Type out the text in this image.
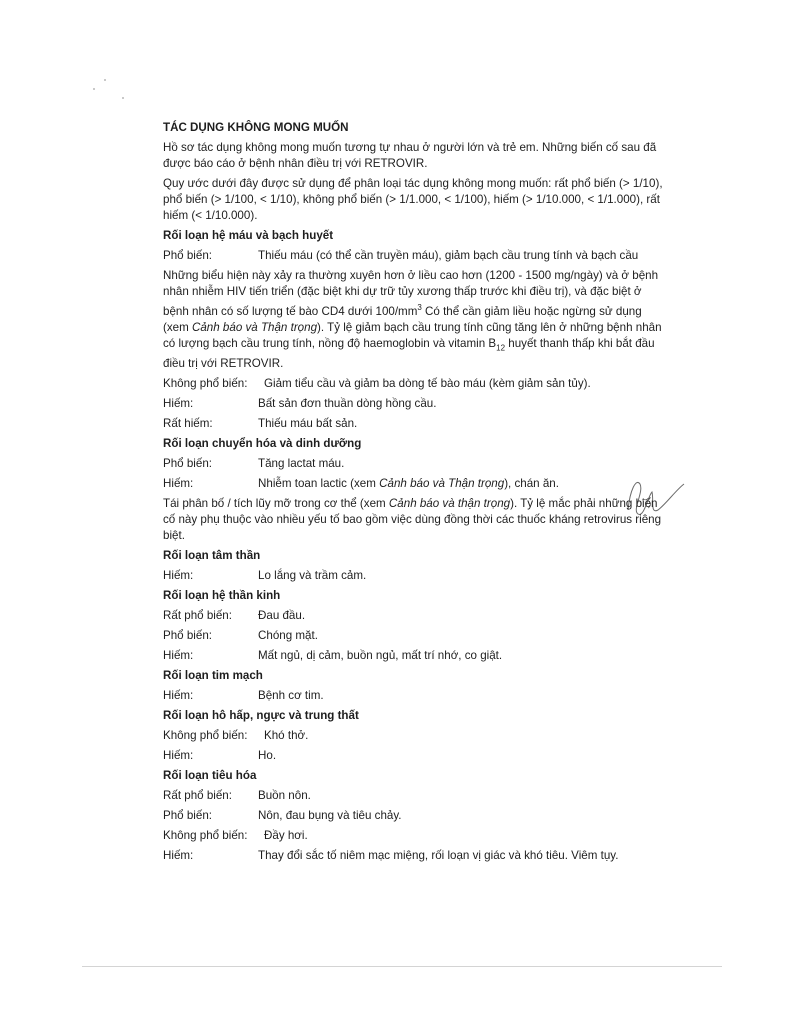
TÁC DỤNG KHÔNG MONG MUỐN
Hồ sơ tác dụng không mong muốn tương tự nhau ở người lớn và trẻ em. Những biến cố sau đã được báo cáo ở bệnh nhân điều trị với RETROVIR.
Quy ước dưới đây được sử dụng để phân loại tác dụng không mong muốn: rất phổ biến (> 1/10), phổ biến (> 1/100, < 1/10), không phổ biến (> 1/1.000, < 1/100), hiếm (> 1/10.000, < 1/1.000), rất hiếm (< 1/10.000).
Rối loạn hệ máu và bạch huyết
Phổ biến:	Thiếu máu (có thể cần truyền máu), giảm bạch cầu trung tính và bạch cầu
Những biểu hiện này xảy ra thường xuyên hơn ở liều cao hơn (1200 - 1500 mg/ngày) và ở bệnh nhân nhiễm HIV tiến triển (đặc biệt khi dự trữ tủy xương thấp trước khi điều trị), và đặc biệt ở bệnh nhân có số lượng tế bào CD4 dưới $100/mm^3$ Có thể cần giảm liều hoặc ngừng sử dụng (xem Cảnh báo và Thận trọng). Tỷ lệ giảm bạch cầu trung tính cũng tăng lên ở những bệnh nhân có lượng bạch cầu trung tính, nồng độ haemoglobin và vitamin $B_{12}$ huyết thanh thấp khi bắt đầu điều trị với RETROVIR.
Không phổ biến:	Giảm tiểu cầu và giảm ba dòng tế bào máu (kèm giảm sản tủy).
Hiếm:	Bất sản đơn thuần dòng hồng cầu.
Rất hiếm:	Thiếu máu bất sản.
Rối loạn chuyển hóa và dinh dưỡng
Phổ biến:	Tăng lactat máu.
Hiếm:	Nhiễm toan lactic (xem Cảnh báo và Thận trọng), chán ăn.
Tái phân bố / tích lũy mỡ trong cơ thể (xem Cảnh báo và thận trọng). Tỷ lệ mắc phải những biến cố này phụ thuộc vào nhiều yếu tố bao gồm việc dùng đồng thời các thuốc kháng retrovirus riêng biệt.
Rối loạn tâm thần
Hiếm:	Lo lắng và trầm cảm.
Rối loạn hệ thần kinh
Rất phổ biến:	Đau đầu.
Phổ biến:	Chóng mặt.
Hiếm:	Mất ngủ, dị cảm, buồn ngủ, mất trí nhớ, co giật.
Rối loạn tim mạch
Hiếm:	Bệnh cơ tim.
Rối loạn hô hấp, ngực và trung thất
Không phổ biến:	Khó thở.
Hiếm:	Ho.
Rối loạn tiêu hóa
Rất phổ biến:	Buồn nôn.
Phổ biến:	Nôn, đau bụng và tiêu chảy.
Không phổ biến:	Đầy hơi.
Hiếm:	Thay đổi sắc tố niêm mạc miệng, rối loạn vị giác và khó tiêu. Viêm tụy.
